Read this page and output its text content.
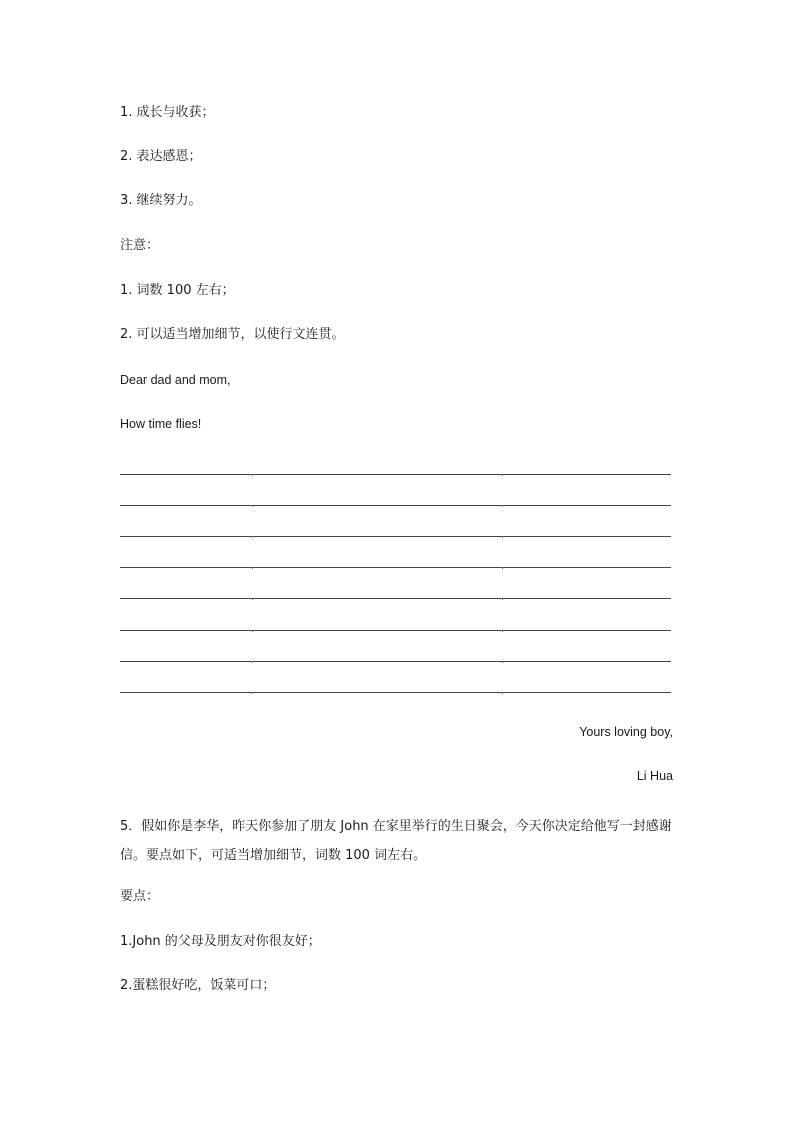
1. 成长与收获；
2. 表达感恩；
3. 继续努力。
注意：
1. 词数 100 左右；
2. 可以适当增加细节，以使行文连贯。
Dear dad and mom,
How time flies!
Yours loving boy,
Li Hua
5．假如你是李华，昨天你参加了朋友 John 在家里举行的生日聚会，今天你决定给他写一封感谢信。要点如下，可适当增加细节，词数 100 词左右。
要点：
1.John 的父母及朋友对你很友好；
2.蛋糕很好吃，饭菜可口；
